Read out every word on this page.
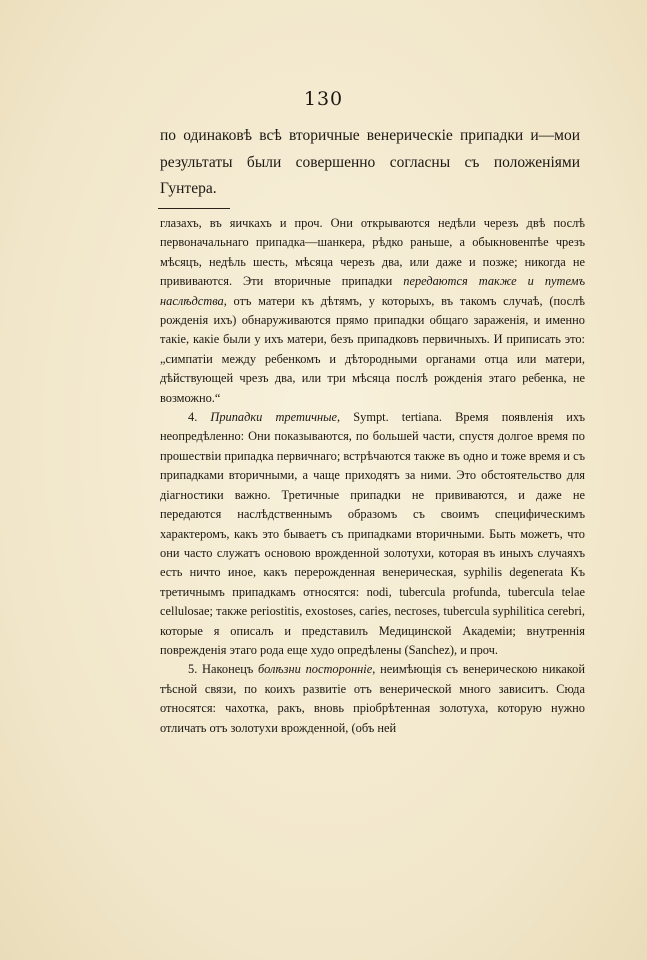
130

по одинаковѣ всѣ вторичные венерическіе припадки и—мои результаты были совершенно согласны съ положеніями Гунтера.

глазахъ, въ яичкахъ и проч. Они открываются недѣли черезъ двѣ послѣ первоначальнаго припадка—шанкера, рѣдко раньше, а обыкновенпѣе чрезъ мѣсяцъ, недѣль шесть, мѣсяца черезъ два, или даже и позже; никогда не прививаются. Эти вторичные припадки передаются также и путемъ наслѣдства, отъ матери къ дѣтямъ, у которыхъ, въ такомъ случаѣ, (послѣ рожденія ихъ) обнаруживаются прямо припадки общаго зараженія, и именно такіе, какіе были у ихъ матери, безъ припадковъ первичныхъ. И приписать это: „симпатіи между ребенкомъ и дѣтородными органами отца или матери, дѣйствующей чрезъ два, или три мѣсяца послѣ рожденія этаго ребенка, не возможно.“

4. Припадки третичные, Sympt. tertiana. Время появленія ихъ неопредѣленно: Они показываются, по большей части, спустя долгое время по прошествіи припадка первичнаго; встрѣчаются также въ одно и тоже время и съ припадками вторичными, а чаще приходятъ за ними. Это обстоятельство для діагностики важно. Третичные припадки не прививаются, и даже не передаются наслѣдственнымъ образомъ съ своимъ специфическимъ характеромъ, какъ это бываетъ съ припадками вторичными. Быть можетъ, что они часто служатъ основою врожденной золотухи, которая въ иныхъ случаяхъ есть ничто иное, какъ перерожденная венерическая, syphilis degenerata Къ третичнымъ припадкамъ относятся: nodi, tubercula profunda, tubercula telae cellulosae; также periostitis, exostoses, caries, necroses, tubercula syphilitica cerebri, которые я описалъ и представилъ Медицинской Академіи; внутреннія поврежденія этаго рода еще худо опредѣлены (Sanchez), и проч.

5. Наконецъ болѣзни посторонніе, неимѣющія съ венерическою никакой тѣсной связи, по коихъ развитіе отъ венерической много зависитъ. Сюда относятся: чахотка, ракъ, вновь пріобрѣтенная золотуха, которую нужно отличать отъ золотухи врожденной, (объ ней
